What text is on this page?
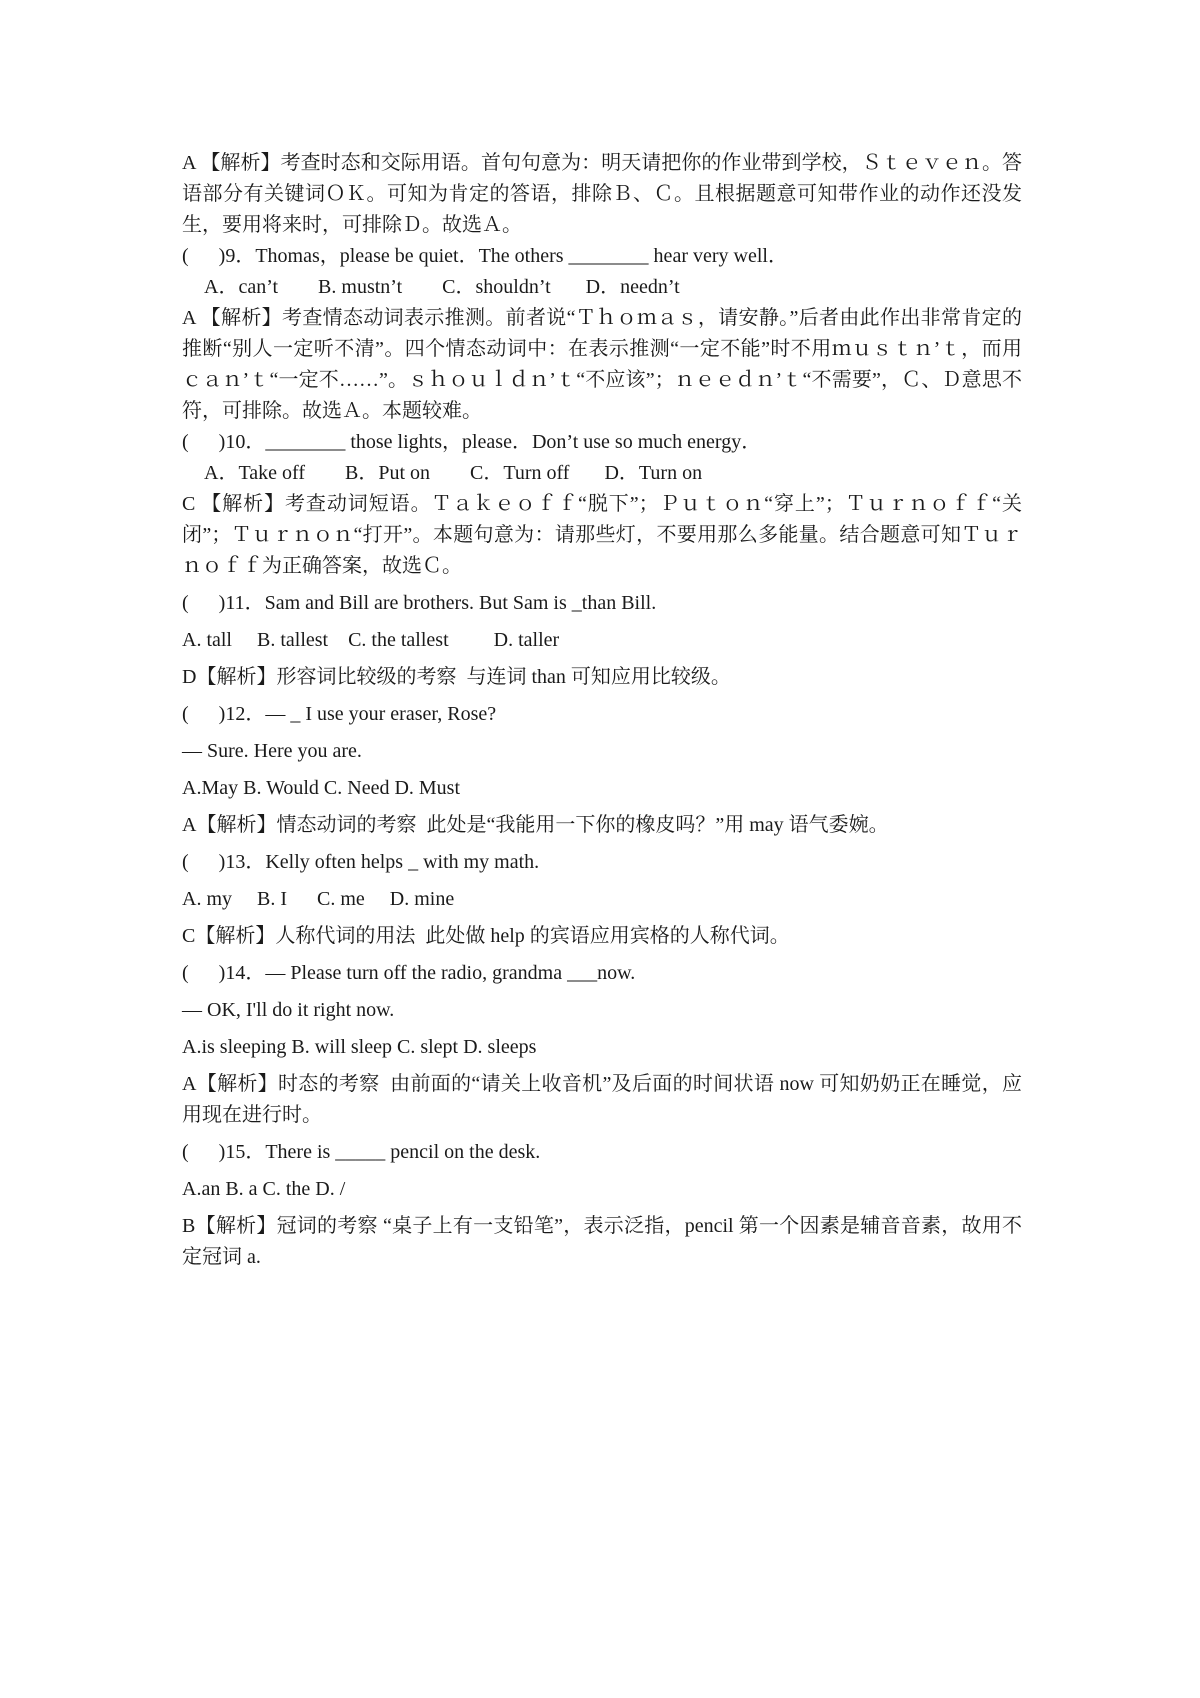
A 【解析】考查时态和交际用语。首句句意为：明天请把你的作业带到学校，Ｓｔｅｖｅｎ。答语部分有关键词ＯＫ。可知为肯定的答语，排除Ｂ、Ｃ。且根据题意可知带作业的动作还没发生，要用将来时，可排除Ｄ。故选Ａ。

(      )9．Thomas，please be quiet．The others ________ hear very well．

A．can’t        B. mustn’t        C．shouldn’t       D．needn’t

A 【解析】考查情态动词表示推测。前者说“Ｔｈｏｍａｓ，请安静。”后者由此作出非常肯定的推断“别人一定听不清”。四个情态动词中：在表示推测“一定不能”时不用ｍｕｓｔｎ’ｔ，而用ｃａｎ’ｔ“一定不……”。ｓｈｏｕｌｄｎ’ｔ“不应该”；ｎｅｅｄｎ’ｔ“不需要”，Ｃ、Ｄ意思不符，可排除。故选Ａ。本题较难。

(      )10．________ those lights，please．Don’t use so much energy．

A．Take off        B．Put on        C．Turn off       D．Turn on

C 【解析】考查动词短语。Ｔａｋｅｏｆｆ“脱下”；Ｐｕｔｏｎ“穿上”；Ｔｕｒｎｏｆｆ“关闭”；Ｔｕｒｎｏｎ“打开”。本题句意为：请那些灯，不要用那么多能量。结合题意可知Ｔｕｒｎｏｆｆ为正确答案，故选Ｃ。

(      )11．Sam and Bill are brothers. But Sam is _than Bill.

A. tall     B. tallest    C. the tallest         D. taller

D【解析】形容词比较级的考察  与连词 than 可知应用比较级。

(      )12．— _ I use your eraser, Rose?

— Sure. Here you are.

A.May B. Would C. Need D. Must

A【解析】情态动词的考察  此处是“我能用一下你的橡皮吗？”用 may 语气委婉。

(      )13．Kelly often helps _ with my math.

A. my     B. I      C. me     D. mine

C【解析】人称代词的用法  此处做 help 的宾语应用宾格的人称代词。

(      )14．— Please turn off the radio, grandma ___now.

— OK, I'll do it right now.

A.is sleeping B. will sleep C. slept D. sleeps

A【解析】时态的考察  由前面的“请关上收音机”及后面的时间状语 now 可知奶奶正在睡觉，应用现在进行时。

(      )15．There is _____ pencil on the desk.

A.an B. a C. the D. /

B【解析】冠词的考察 “桌子上有一支铅笔”，表示泛指，pencil 第一个因素是辅音音素，故用不定冠词 a.
